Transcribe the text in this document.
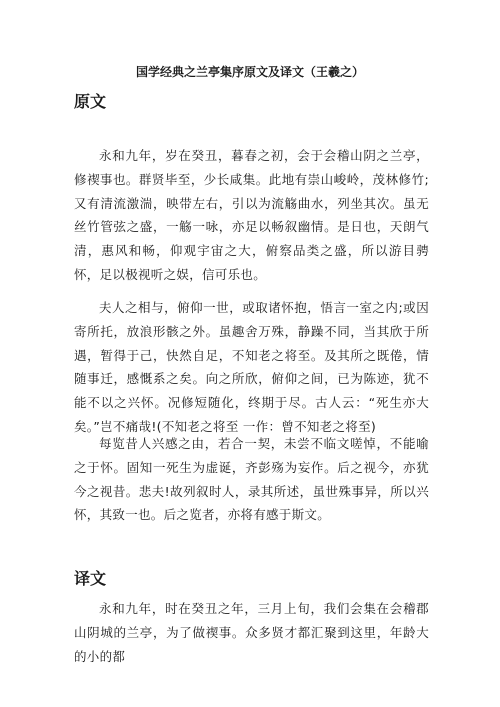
国学经典之兰亭集序原文及译文（王羲之）
原文

永和九年，岁在癸丑，暮春之初，会于会稽山阴之兰亭，修禊事也。群贤毕至，少长咸集。此地有崇山峻岭，茂林修竹;又有清流激湍，映带左右，引以为流觞曲水，列坐其次。虽无丝竹管弦之盛，一觞一咏，亦足以畅叙幽情。是日也，天朗气清，惠风和畅，仰观宇宙之大，俯察品类之盛，所以游目骋怀，足以极视听之娱，信可乐也。

夫人之相与，俯仰一世，或取诸怀抱，悟言一室之内;或因寄所托，放浪形骸之外。虽趣舍万殊，静躁不同，当其欣于所遇，暂得于己，快然自足，不知老之将至。及其所之既倦，情随事迁，感慨系之矣。向之所欣，俯仰之间，已为陈迹，犹不能不以之兴怀。况修短随化，终期于尽。古人云：“死生亦大矣。”岂不痛哉!(不知老之将至 一作：曾不知老之将至)

每览昔人兴感之由，若合一契，未尝不临文嗟悼，不能喻之于怀。固知一死生为虚诞，齐彭殇为妄作。后之视今，亦犹今之视昔。悲夫!故列叙时人，录其所述，虽世殊事异，所以兴怀，其致一也。后之览者，亦将有感于斯文。

译文

永和九年，时在癸丑之年，三月上旬，我们会集在会稽郡山阴城的兰亭，为了做禊事。众多贤才都汇聚到这里，年龄大的小的都
